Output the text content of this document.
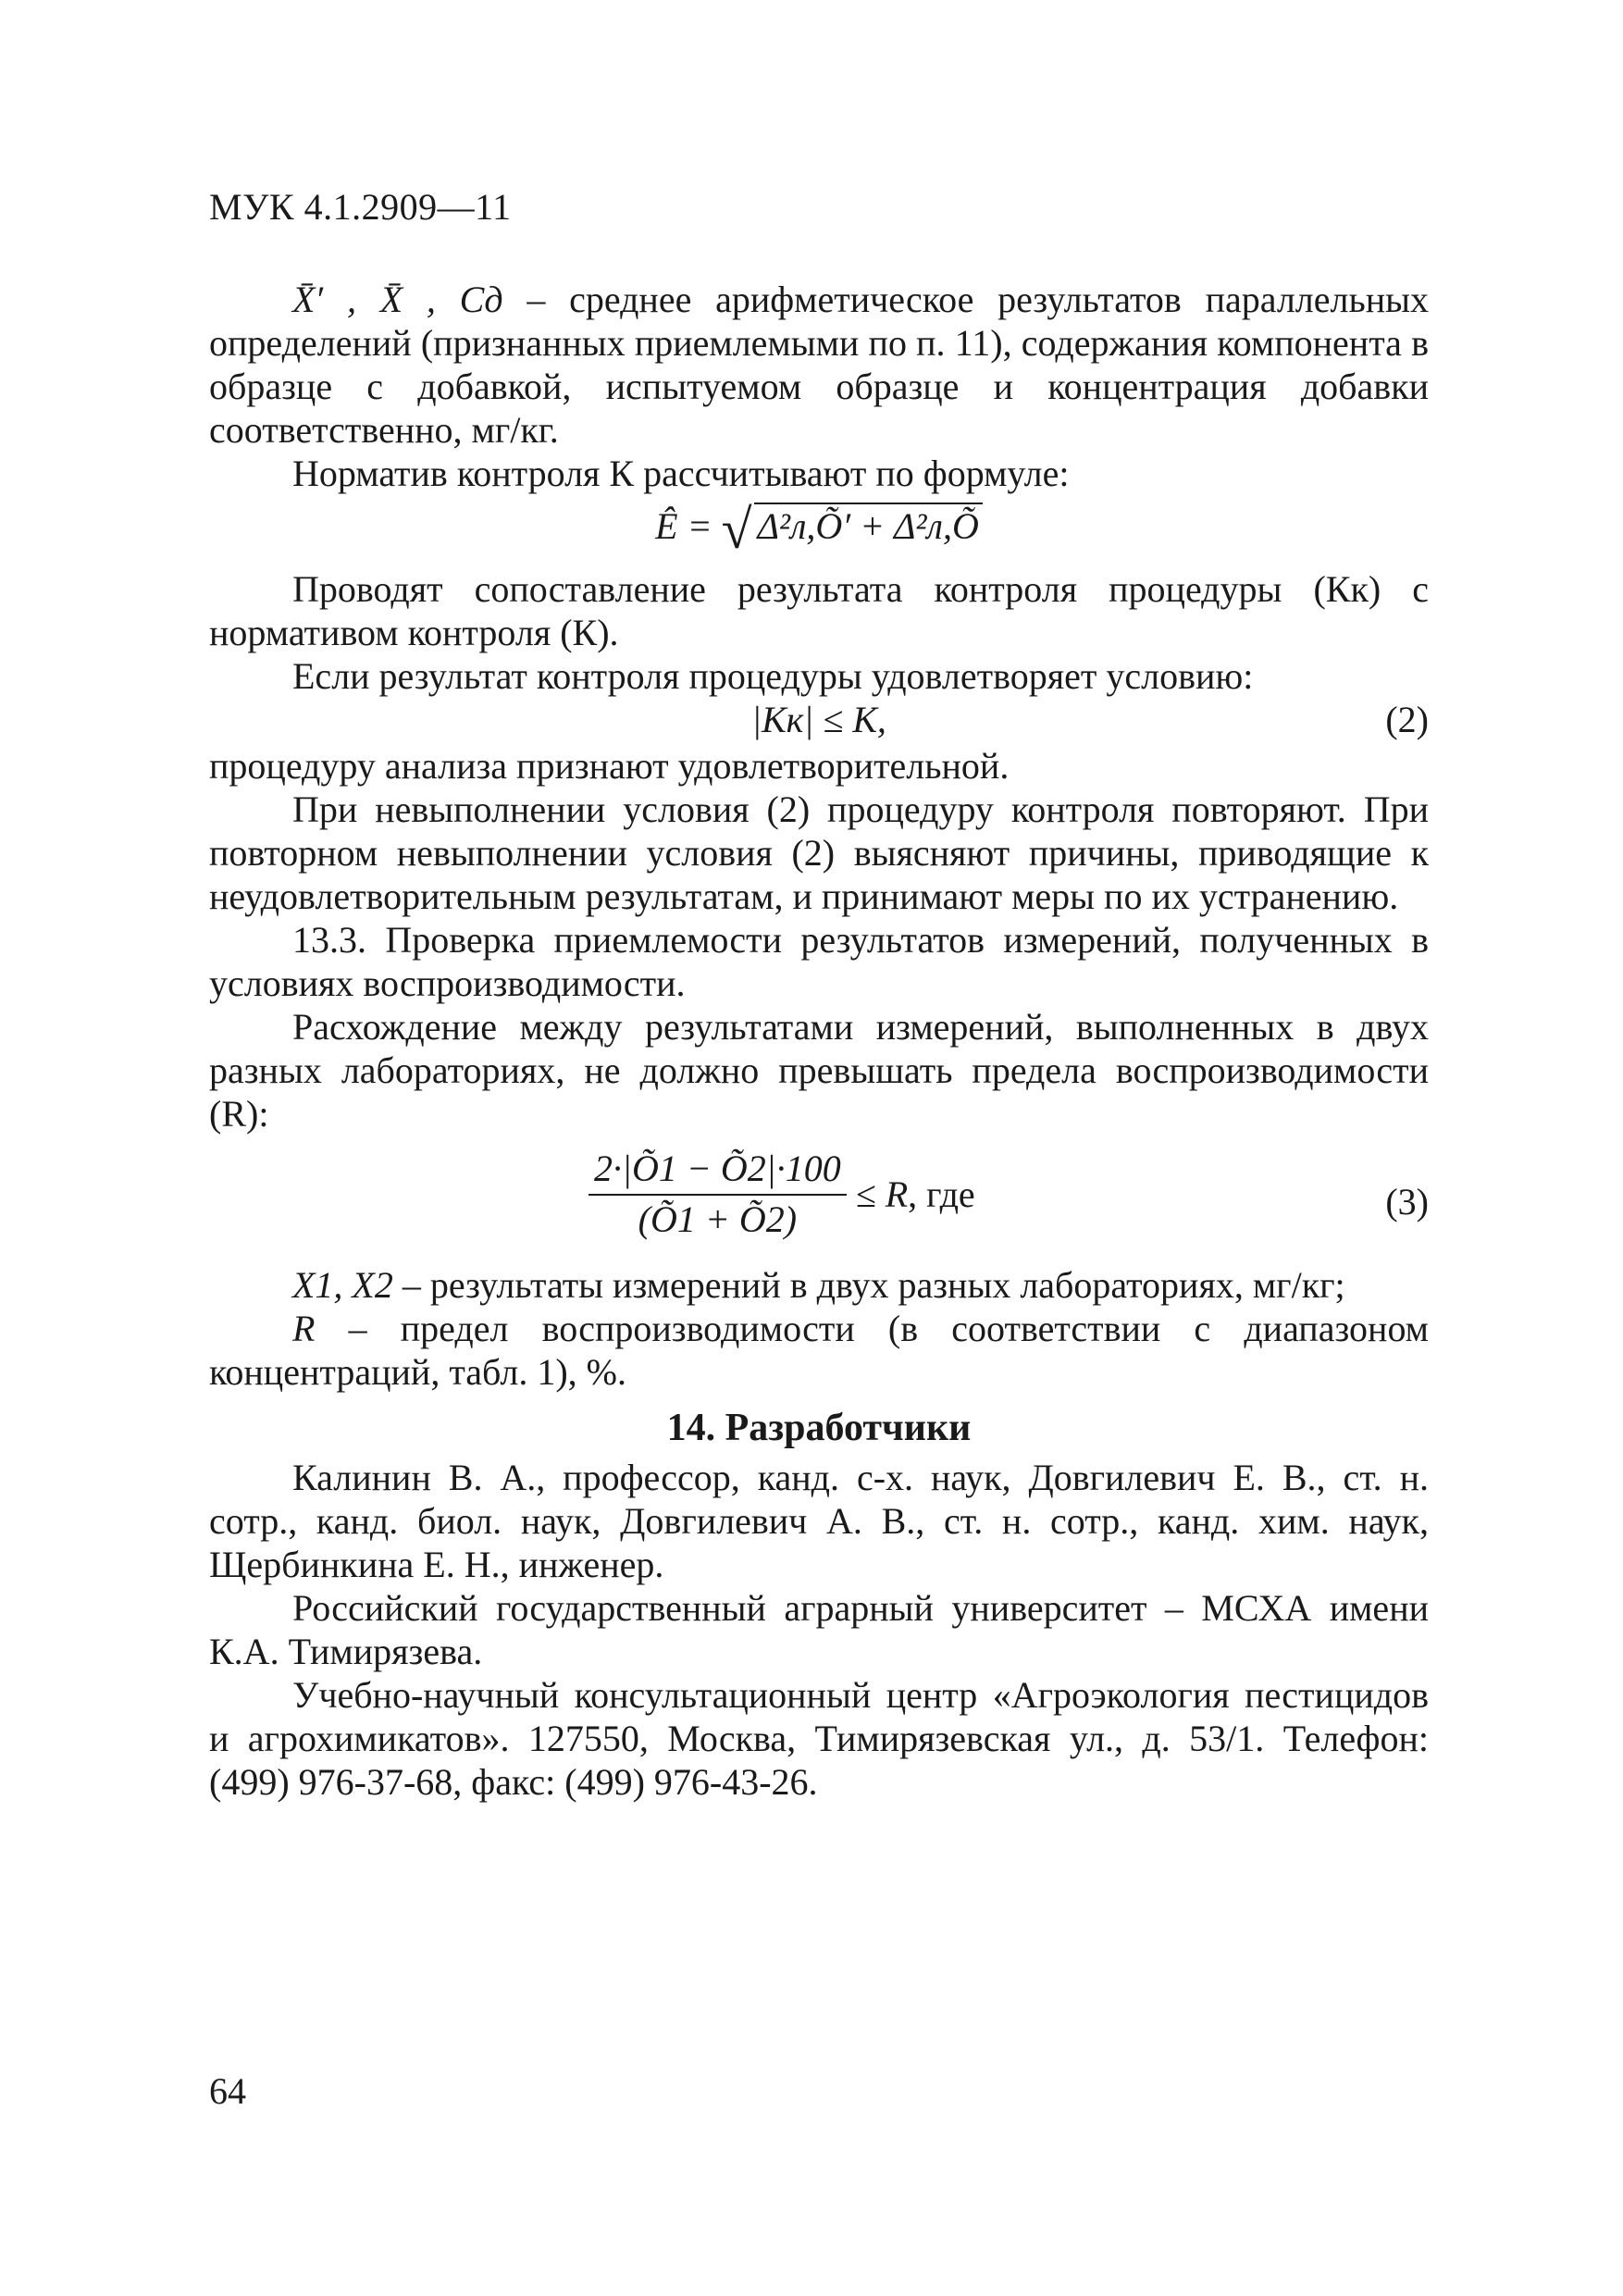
МУК 4.1.2909—11

X̄′ , X̄ , Cд – среднее арифметическое результатов параллельных определений (признанных приемлемыми по п. 11), содержания компонента в образце с добавкой, испытуемом образце и концентрация добавки соответственно, мг/кг.

Норматив контроля К рассчитывают по формуле:

Ê = √ Δ²л,Õ′ + Δ²л,Õ

Проводят сопоставление результата контроля процедуры (Кк) с нормативом контроля (К).

Если результат контроля процедуры удовлетворяет условию:

|Кк| ≤ К,	(2)

процедуру анализа признают удовлетворительной.

При невыполнении условия (2) процедуру контроля повторяют. При повторном невыполнении условия (2) выясняют причины, приводящие к неудовлетворительным результатам, и принимают меры по их устранению.

13.3. Проверка приемлемости результатов измерений, полученных в условиях воспроизводимости.

Расхождение между результатами измерений, выполненных в двух разных лабораториях, не должно превышать предела воспроизводимости (R):

$\frac{2\cdot|Õ1 - Õ2|\cdot 100}{(Õ1 + Õ2)} \le R$, где	(3)

X1, X2 – результаты измерений в двух разных лабораториях, мг/кг;

R – предел воспроизводимости (в соответствии с диапазоном концентраций, табл. 1), %.

14. Разработчики

Калинин В. А., профессор, канд. с-х. наук, Довгилевич Е. В., ст. н. сотр., канд. биол. наук, Довгилевич А. В., ст. н. сотр., канд. хим. наук, Щербинкина Е. Н., инженер.

Российский государственный аграрный университет – МСХА имени К.А. Тимирязева.

Учебно-научный консультационный центр «Агроэкология пестицидов и агрохимикатов». 127550, Москва, Тимирязевская ул., д. 53/1. Телефон: (499) 976-37-68, факс: (499) 976-43-26.

64
